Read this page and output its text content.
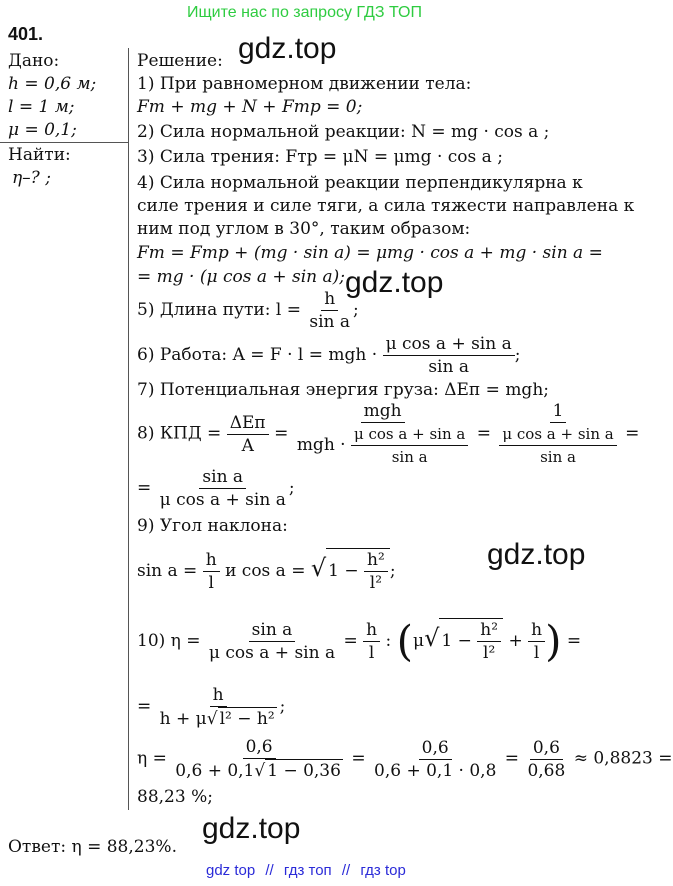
Ищите нас по запросу ГДЗ ТОП
401.
Дано:
h = 0,6 м;
l = 1 м;
μ = 0,1;
Найти:
η–? ;
Решение:
1) При равномерном движении тела:
Fт + mg + N + Fтр = 0;
2) Сила нормальной реакции: N = mg · cos a ;
3) Сила трения: Fтр = μN = μmg · cos a ;
4) Сила нормальной реакции перпендикулярна к
силе трения и силе тяги, а сила тяжести направлена к
ним под углом в 30°, таким образом:
Fт = Fтр + (mg · sin a) = μmg · cos a + mg · sin a =
= mg · (μ cos a + sin a);
5) Длина пути: $l = \frac{h}{\text{sin a}}$ ;
6) Работа: A = F · l = mgh · $\frac{\text{μ cos a + sin a}}{\text{sin a}}$ ;
7) Потенциальная энергия груза: ΔEп = mgh;
8) КПД = $\frac{\text{ΔEп}}{A} = \frac{\text{mgh}}{mgh \cdot \frac{\text{μ cos a + sin a}}{\text{sin a}}} = \frac{1}{\frac{\text{μ cos a + sin a}}{\text{sin a}}}$ =
= $\frac{\text{sin a}}{\text{μ cos a + sin a}}$ ;
9) Угол наклона:
$\sin a = \frac{h}{l}$ и cos a = √ $1 - \frac{\text{h²}}{\text{l²}}$ ;
10) $\eta = \frac{\text{sin a}}{\text{μ cos a + sin a}} = \frac{h}{l}$ : (μ√ $1 - \frac{\text{h²}}{\text{l²}} + \frac{h}{l}$ ) =
= $\frac{h}{\text{h + μ√ l² − h²}}$ ;
$\eta = \frac{0,6}{0,6 + 0,1√ 1 - 0,36} = \frac{0,6}{0,6 + 0,1 \cdot 0,8} = \frac{0,6}{0,68} \approx 0,8823$ =
88,23 %;
Ответ: η = 88,23%.
gdz.top
gdz.top
gdz.top
gdz.top
gdz top // гдз топ // гдз top
